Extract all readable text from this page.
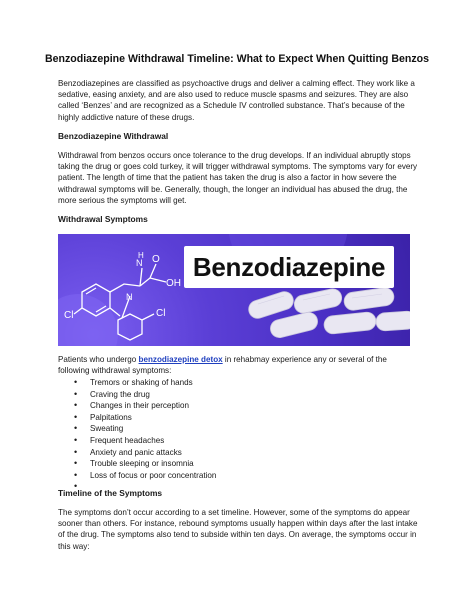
Benzodiazepine Withdrawal Timeline: What to Expect When Quitting Benzos

Benzodiazepines are classified as psychoactive drugs and deliver a calming effect. They work like a sedative, easing anxiety, and are also used to reduce muscle spasms and seizures. They are also called ‘Benzes’ and are recognized as a Schedule IV controlled substance. That’s because of the highly addictive nature of these drugs.

Benzodiazepine Withdrawal

Withdrawal from benzos occurs once tolerance to the drug develops. If an individual abruptly stops taking the drug or goes cold turkey, it will trigger withdrawal symptoms. The symptoms vary for every patient. The length of time that the patient has taken the drug is also a factor in how severe the withdrawal symptoms will be. Generally, though, the longer an individual has abused the drug, the more serious the symptoms will get.

Withdrawal Symptoms

Cl	Cl
OH
O
N
H
N
Benzodiazepine

Patients who undergo benzodiazepine detox in rehabmay experience any or several of the following withdrawal symptoms:

• Tremors or shaking of hands
• Craving the drug
• Changes in their perception
• Palpitations
• Sweating
• Frequent headaches
• Anxiety and panic attacks
• Trouble sleeping or insomnia
• Loss of focus or poor concentration
•

Timeline of the Symptoms

The symptoms don’t occur according to a set timeline. However, some of the symptoms do appear sooner than others. For instance, rebound symptoms usually happen within days after the last intake of the drug. The symptoms also tend to subside within ten days. On average, the symptoms occur in this way:
